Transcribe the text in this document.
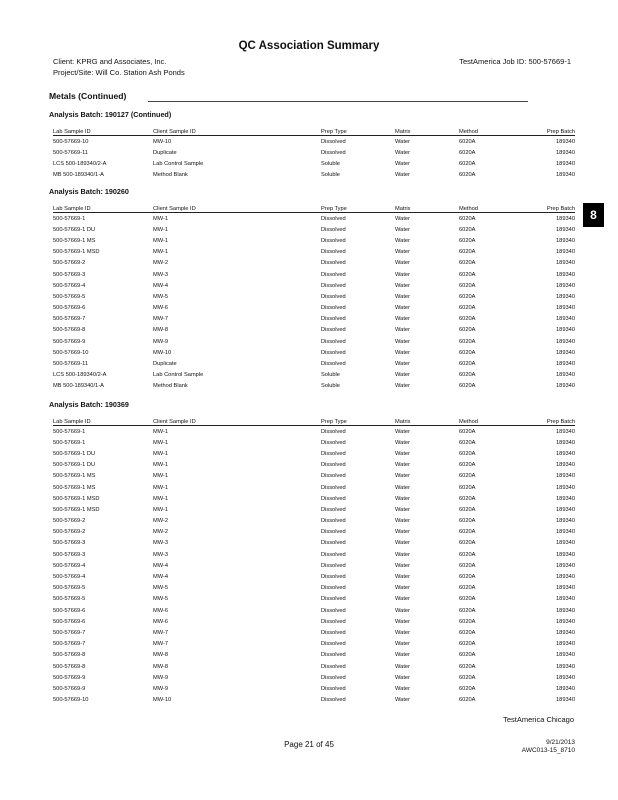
QC Association Summary
Client: KPRG and Associates, Inc.
Project/Site: Will Co. Station Ash Ponds
TestAmerica Job ID: 500-57669-1
Metals (Continued)
Analysis Batch: 190127 (Continued)
Lab Sample ID	Client Sample ID	Prep Type	Matrix	Method	Prep Batch
500-57669-10	MW-10	Dissolved	Water	6020A	189340
500-57669-11	Duplicate	Dissolved	Water	6020A	189340
LCS 500-189340/2-A	Lab Control Sample	Soluble	Water	6020A	189340
MB 500-189340/1-A	Method Blank	Soluble	Water	6020A	189340
Analysis Batch: 190260
Lab Sample ID	Client Sample ID	Prep Type	Matrix	Method	Prep Batch
500-57669-1	MW-1	Dissolved	Water	6020A	189340
500-57669-1 DU	MW-1	Dissolved	Water	6020A	189340
500-57669-1 MS	MW-1	Dissolved	Water	6020A	189340
500-57669-1 MSD	MW-1	Dissolved	Water	6020A	189340
500-57669-2	MW-2	Dissolved	Water	6020A	189340
500-57669-3	MW-3	Dissolved	Water	6020A	189340
500-57669-4	MW-4	Dissolved	Water	6020A	189340
500-57669-5	MW-5	Dissolved	Water	6020A	189340
500-57669-6	MW-6	Dissolved	Water	6020A	189340
500-57669-7	MW-7	Dissolved	Water	6020A	189340
500-57669-8	MW-8	Dissolved	Water	6020A	189340
500-57669-9	MW-9	Dissolved	Water	6020A	189340
500-57669-10	MW-10	Dissolved	Water	6020A	189340
500-57669-11	Duplicate	Dissolved	Water	6020A	189340
LCS 500-189340/2-A	Lab Control Sample	Soluble	Water	6020A	189340
MB 500-189340/1-A	Method Blank	Soluble	Water	6020A	189340
Analysis Batch: 190369
Lab Sample ID	Client Sample ID	Prep Type	Matrix	Method	Prep Batch
500-57669-1	MW-1	Dissolved	Water	6020A	189340
500-57669-1	MW-1	Dissolved	Water	6020A	189340
500-57669-1 DU	MW-1	Dissolved	Water	6020A	189340
500-57669-1 DU	MW-1	Dissolved	Water	6020A	189340
500-57669-1 MS	MW-1	Dissolved	Water	6020A	189340
500-57669-1 MS	MW-1	Dissolved	Water	6020A	189340
500-57669-1 MSD	MW-1	Dissolved	Water	6020A	189340
500-57669-1 MSD	MW-1	Dissolved	Water	6020A	189340
500-57669-2	MW-2	Dissolved	Water	6020A	189340
500-57669-2	MW-2	Dissolved	Water	6020A	189340
500-57669-3	MW-3	Dissolved	Water	6020A	189340
500-57669-3	MW-3	Dissolved	Water	6020A	189340
500-57669-4	MW-4	Dissolved	Water	6020A	189340
500-57669-4	MW-4	Dissolved	Water	6020A	189340
500-57669-5	MW-5	Dissolved	Water	6020A	189340
500-57669-5	MW-5	Dissolved	Water	6020A	189340
500-57669-6	MW-6	Dissolved	Water	6020A	189340
500-57669-6	MW-6	Dissolved	Water	6020A	189340
500-57669-7	MW-7	Dissolved	Water	6020A	189340
500-57669-7	MW-7	Dissolved	Water	6020A	189340
500-57669-8	MW-8	Dissolved	Water	6020A	189340
500-57669-8	MW-8	Dissolved	Water	6020A	189340
500-57669-9	MW-9	Dissolved	Water	6020A	189340
500-57669-9	MW-9	Dissolved	Water	6020A	189340
500-57669-10	MW-10	Dissolved	Water	6020A	189340
8
TestAmerica Chicago
Page 21 of 45	9/21/2013
AWC013-15_8710
